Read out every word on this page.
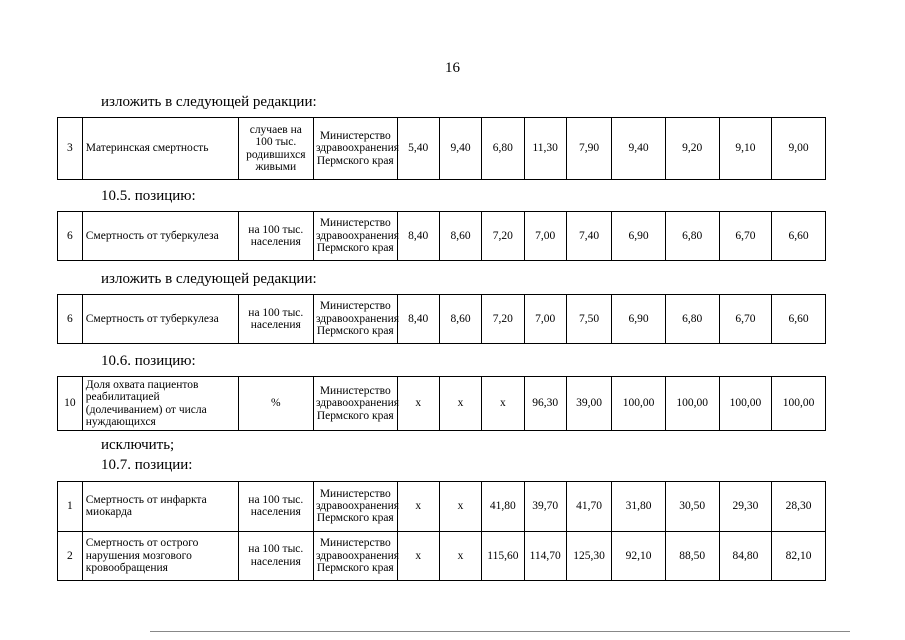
16
изложить в следующей редакции:
3	Материнская смертность	случаев на 100 тыс. родившихся живыми	Министерство здравоохранения Пермского края	5,40	9,40	6,80	11,30	7,90	9,40	9,20	9,10	9,00
10.5. позицию:
6	Смертность от туберкулеза	на 100 тыс. населения	Министерство здравоохранения Пермского края	8,40	8,60	7,20	7,00	7,40	6,90	6,80	6,70	6,60
изложить в следующей редакции:
6	Смертность от туберкулеза	на 100 тыс. населения	Министерство здравоохранения Пермского края	8,40	8,60	7,20	7,00	7,50	6,90	6,80	6,70	6,60
10.6. позицию:
10	Доля охвата пациентов реабилитацией (долечиванием) от числа нуждающихся	%	Министерство здравоохранения Пермского края	x	x	x	96,30	39,00	100,00	100,00	100,00	100,00
исключить;
10.7. позиции:
1	Смертность от инфаркта миокарда	на 100 тыс. населения	Министерство здравоохранения Пермского края	x	x	41,80	39,70	41,70	31,80	30,50	29,30	28,30
2	Смертность от острого нарушения мозгового кровообращения	на 100 тыс. населения	Министерство здравоохранения Пермского края	x	x	115,60	114,70	125,30	92,10	88,50	84,80	82,10
